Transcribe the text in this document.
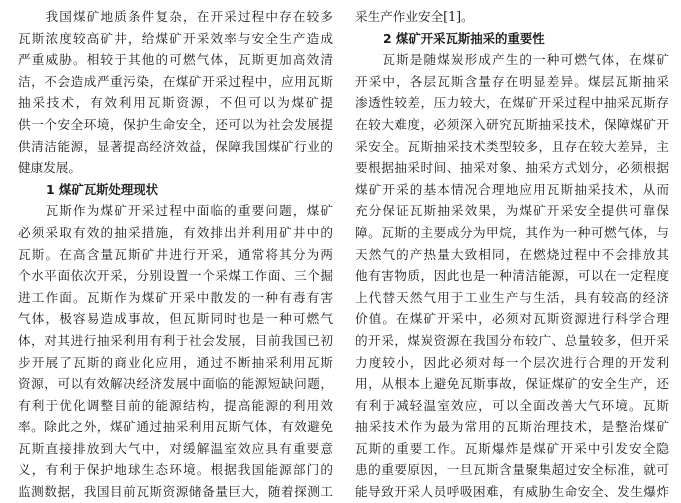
　　我国煤矿地质条件复杂，在开采过程中存在较多
瓦斯浓度较高矿井，给煤矿开采效率与安全生产造成
严重威胁。相较于其他的可燃气体，瓦斯更加高效清
洁，不会造成严重污染，在煤矿开采过程中，应用瓦斯
抽采技术，有效利用瓦斯资源，不但可以为煤矿提
供一个安全环境，保护生命安全，还可以为社会发展提
供清洁能源，显著提高经济效益，保障我国煤矿行业的
健康发展。
1 煤矿瓦斯处理现状
　　瓦斯作为煤矿开采过程中面临的重要问题，煤矿
必须采取有效的抽采措施，有效排出并利用矿井中的
瓦斯。在高含量瓦斯矿井进行开采，通常将其分为两
个水平面依次开采，分别设置一个采煤工作面、三个掘
进工作面。瓦斯作为煤矿开采中散发的一种有毒有害
气体，极容易造成事故，但瓦斯同时也是一种可燃气
体，对其进行抽采利用有利于社会发展，目前我国已初
步开展了瓦斯的商业化应用，通过不断抽采利用瓦斯
资源，可以有效解决经济发展中面临的能源短缺问题，
有利于优化调整目前的能源结构，提高能源的利用效
率。除此之外，煤矿通过抽采利用瓦斯气体，有效避免
瓦斯直接排放到大气中，对缓解温室效应具有重要意
义，有利于保护地球生态环境。根据我国能源部门的
监测数据，我国目前瓦斯资源储备量巨大，随着探测工
采生产作业安全[1]。
2 煤矿开采瓦斯抽采的重要性
　　瓦斯是随煤炭形成产生的一种可燃气体，在煤矿
开采中，各层瓦斯含量存在明显差异。煤层瓦斯抽采
渗透性较差，压力较大，在煤矿开采过程中抽采瓦斯存
在较大难度，必须深入研究瓦斯抽采技术，保障煤矿开
采安全。瓦斯抽采技术类型较多，且存在较大差异，主
要根据抽采时间、抽采对象、抽采方式划分，必须根据
煤矿开采的基本情况合理地应用瓦斯抽采技术，从而
充分保证瓦斯抽采效果，为煤矿开采安全提供可靠保
障。瓦斯的主要成分为甲烷，其作为一种可燃气体，与
天然气的产热量大致相同，在燃烧过程中不会排放其
他有害物质，因此也是一种清洁能源，可以在一定程度
上代替天然气用于工业生产与生活，具有较高的经济
价值。在煤矿开采中，必须对瓦斯资源进行科学合理
的开采，煤炭资源在我国分布较广、总量较多，但开采
力度较小，因此必须对每一个层次进行合理的开发利
用，从根本上避免瓦斯事故，保证煤矿的安全生产，还
有利于减轻温室效应，可以全面改善大气环境。瓦斯
抽采技术作为最为常用的瓦斯治理技术，是整治煤矿
瓦斯的重要工作。瓦斯爆炸是煤矿开采中引发安全隐
患的重要原因，一旦瓦斯含量聚集超过安全标准，就可
能导致开采人员呼吸困难，有威胁生命安全、发生爆炸
